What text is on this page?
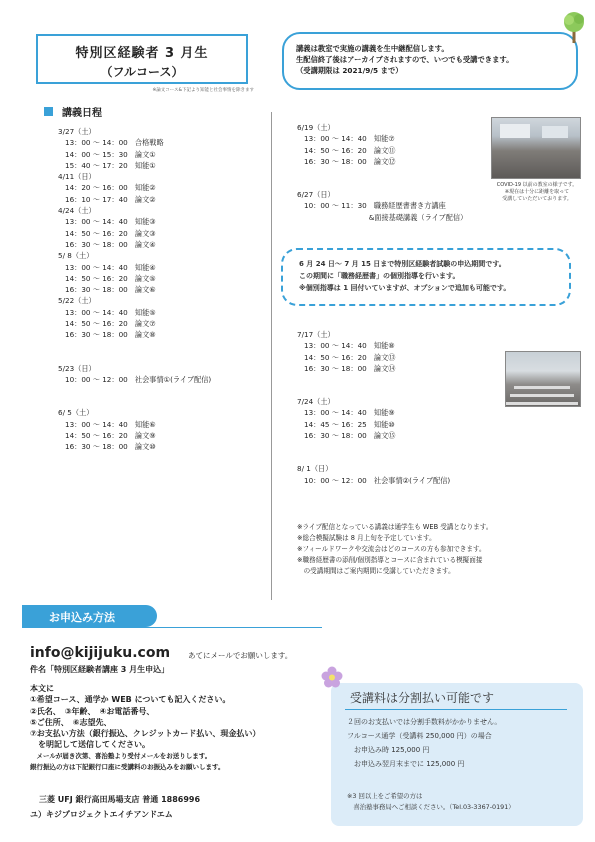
特別区経験者 3 月生
（フルコース）
※論文コース&下記より知能と社会事情を除きます
講義は教室で実施の講義を生中継配信します。
生配信終了後はアーカイブされますので、いつでも受講できます。
（受講期限は 2021/9/5 まで）
講義日程
3/27（土）
13：00 ～ 14：00　合格戦略
14：00 ～ 15：30　論文①
15：40 ～ 17：20　知能①
4/11（日）
14：20 ～ 16：00　知能②
16：10 ～ 17：40　論文②
4/24（土）
13：00 ～ 14：40　知能③
14：50 ～ 16：20　論文③
16：30 ～ 18：00　論文④
5/ 8（土）
13：00 ～ 14：40　知能④
14：50 ～ 16：20　論文⑤
16：30 ～ 18：00　論文⑥
5/22（土）
13：00 ～ 14：40　知能⑤
14：50 ～ 16：20　論文⑦
16：30 ～ 18：00　論文⑧
5/23（日）
10：00 ～ 12：00　社会事情①(ライブ配信)
6/ 5（土）
13：00 ～ 14：40　知能⑥
14：50 ～ 16：20　論文⑨
16：30 ～ 18：00　論文⑩
6/19（土）
13：00 ～ 14：40　知能⑦
14：50 ～ 16：20　論文⑪
16：30 ～ 18：00　論文⑫
6/27（日）
10：00 ～ 11：30　職務経歴書書き方講座
　　　　　　　　　&面接基礎講義（ライブ配信）
COVID-19 以前の教室の様子です。
※現在は十分に距離を取って
受講していただいております。
6 月 24 日～ 7 月 15 日まで特別区経験者試験の申込期間です。
この期間に「職務経歴書」の個別指導を行います。
※個別指導は 1 回付いていますが、オプションで追加も可能です。
7/17（土）
13：00 ～ 14：40　知能⑧
14：50 ～ 16：20　論文⑬
16：30 ～ 18：00　論文⑭
7/24（土）
13：00 ～ 14：40　知能⑨
14：45 ～ 16：25　知能⑩
16：30 ～ 18：00　論文⑮
8/ 1（日）
10：00 ～ 12：00　社会事情②(ライブ配信)
※ライブ配信となっている講義は通学生も WEB 受講となります。
※総合模擬試験は 8 月上旬を予定しています。
※フィールドワークや交流会はどのコースの方も参加できます。
※職務経歴書の添削/個別指導とコースに含まれている模擬面接
　の受講期間はご案内期間に受講していただきます。
お申込み方法
info@kijijuku.com あてにメールでお願いします。
件名「特別区経験者講座 3 月生申込」
本文に
①希望コース、通学か WEB についても記入ください。
②氏名、　③年齢、　④お電話番号、
⑤ご住所、　⑥志望先、
⑦お支払い方法（銀行振込、クレジットカード払い、現金払い）
　を明記して送信してください。
　メールが届き次第、喜治塾より受付メールをお送りします。
銀行振込の方は下記銀行口座に受講料のお振込みをお願いします。
三菱 UFJ 銀行高田馬場支店 普通 1886996
ユ）キジプロジェクトエイチアンドエム
受講料は分割払い可能です
２回のお支払いでは分割手数料がかかりません。
フルコース通学（受講料 250,000 円）の場合
　お申込み時 125,000 円
　お申込み翌月末までに 125,000 円
※3 回以上をご希望の方は
　喜治塾事務局へご相談ください。（Tel.03-3367-0191）
